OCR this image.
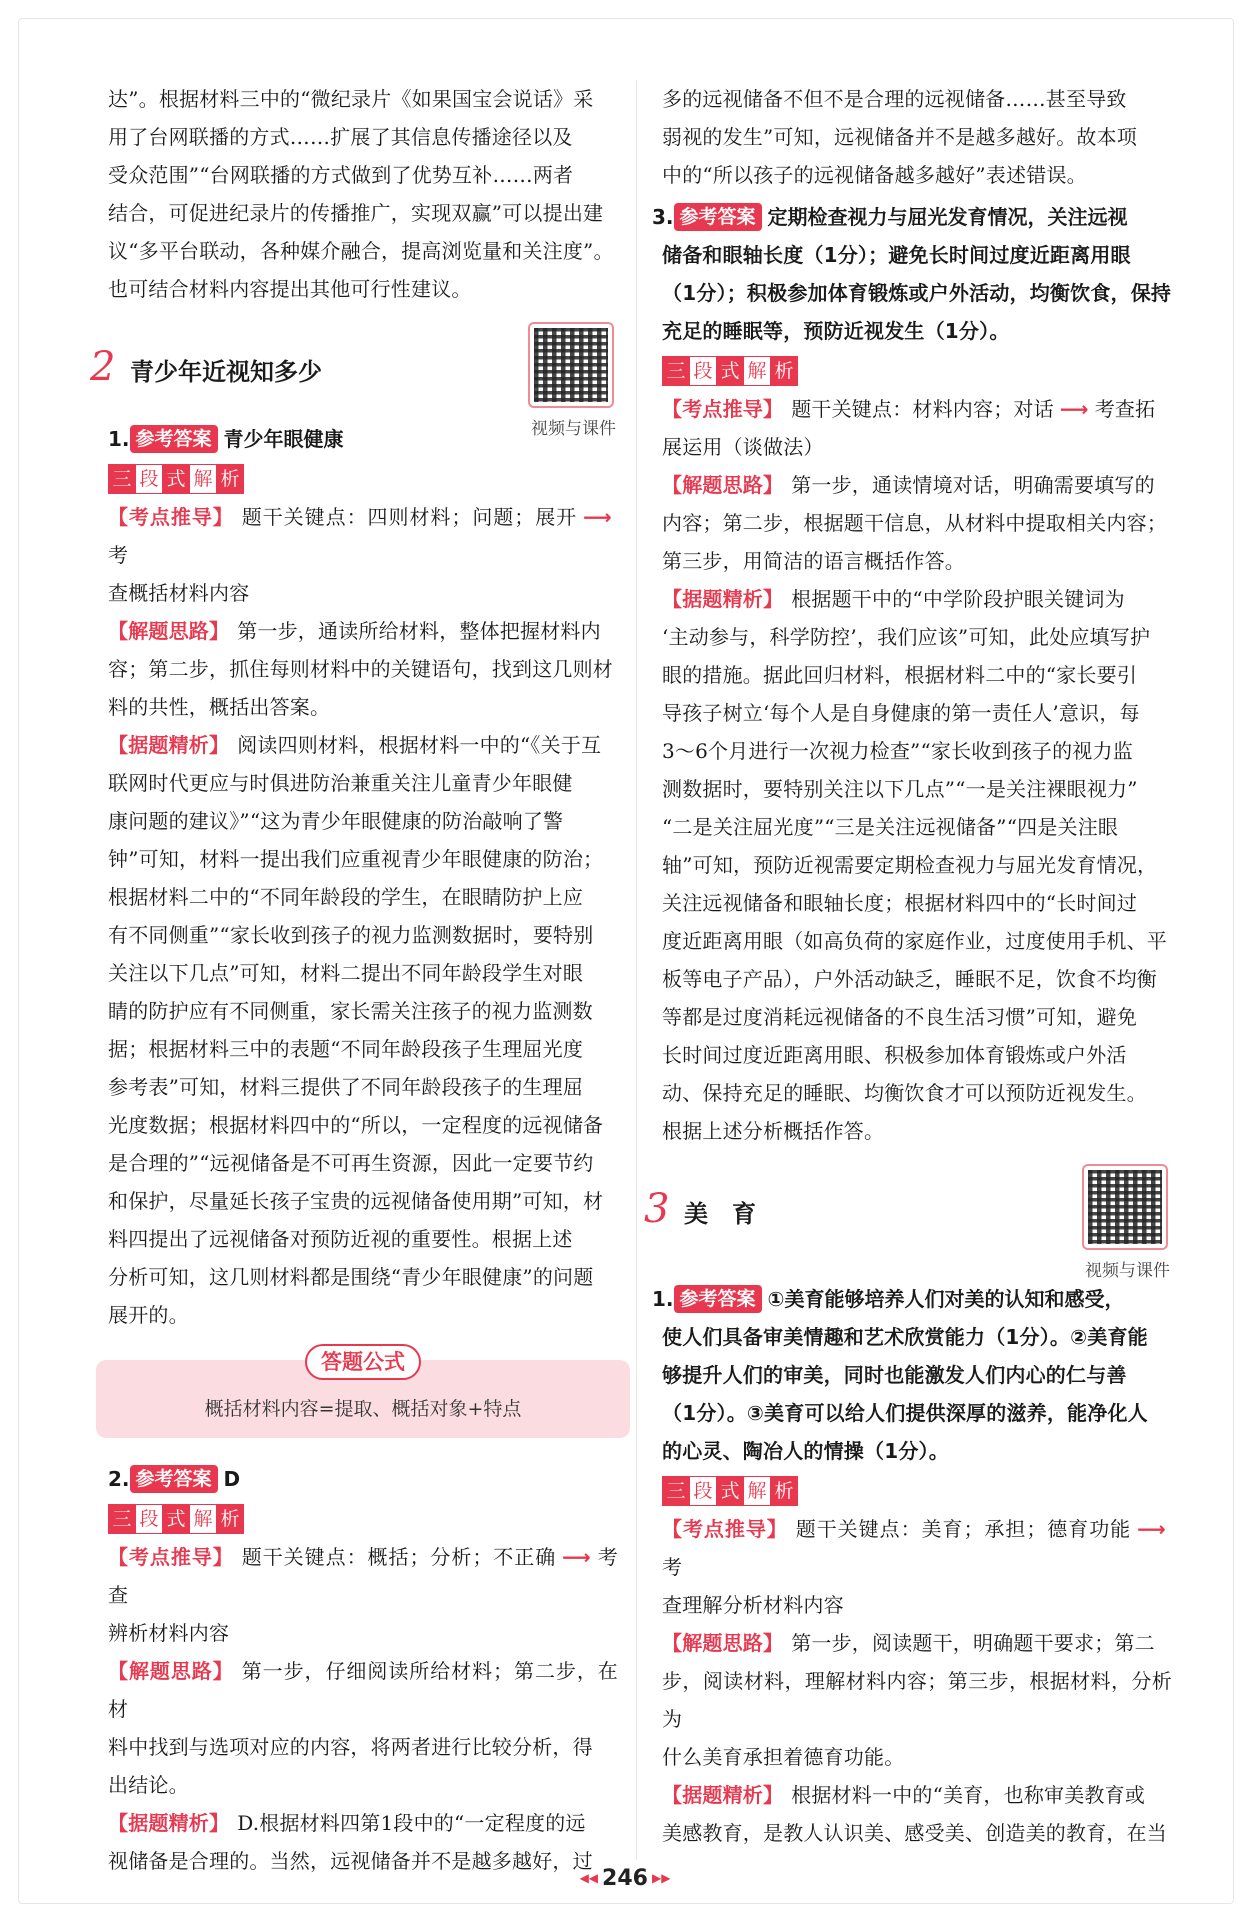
达”。根据材料三中的“微纪录片《如果国宝会说话》采

用了台网联播的方式……扩展了其信息传播途径以及

受众范围”“台网联播的方式做到了优势互补……两者

结合，可促进纪录片的传播推广，实现双赢”可以提出建

议“多平台联动，各种媒介融合，提高浏览量和关注度”。

也可结合材料内容提出其他可行性建议。

2 青少年近视知多少
视频与课件

1. 参考答案 青少年眼健康

三 段 式 解 析

【考点推导】 题干关键点：四则材料；问题；展开 ⟶考

查概括材料内容

【解题思路】 第一步，通读所给材料，整体把握材料内

容；第二步，抓住每则材料中的关键语句，找到这几则材

料的共性，概括出答案。

【据题精析】 阅读四则材料，根据材料一中的“《关于互

联网时代更应与时俱进防治兼重关注儿童青少年眼健

康问题的建议》”“这为青少年眼健康的防治敲响了警

钟”可知，材料一提出我们应重视青少年眼健康的防治；

根据材料二中的“不同年龄段的学生，在眼睛防护上应

有不同侧重”“家长收到孩子的视力监测数据时，要特别

关注以下几点”可知，材料二提出不同年龄段学生对眼

睛的防护应有不同侧重，家长需关注孩子的视力监测数

据；根据材料三中的表题“不同年龄段孩子生理屈光度

参考表”可知，材料三提供了不同年龄段孩子的生理屈

光度数据；根据材料四中的“所以，一定程度的远视储备

是合理的”“远视储备是不可再生资源，因此一定要节约

和保护，尽量延长孩子宝贵的远视储备使用期”可知，材

料四提出了远视储备对预防近视的重要性。根据上述

分析可知，这几则材料都是围绕“青少年眼健康”的问题

展开的。

答题公式

概括材料内容=提取、概括对象+特点

2. 参考答案 D

三 段 式 解 析

【考点推导】 题干关键点：概括；分析；不正确 ⟶ 考查

辨析材料内容

【解题思路】 第一步，仔细阅读所给材料；第二步，在材

料中找到与选项对应的内容，将两者进行比较分析，得

出结论。

【据题精析】 D.根据材料四第1段中的“一定程度的远

视储备是合理的。当然，远视储备并不是越多越好，过

多的远视储备不但不是合理的远视储备……甚至导致

弱视的发生”可知，远视储备并不是越多越好。故本项

中的“所以孩子的远视储备越多越好”表述错误。

3. 参考答案 定期检查视力与屈光发育情况，关注远视

储备和眼轴长度（1分）；避免长时间过度近距离用眼

（1分）；积极参加体育锻炼或户外活动，均衡饮食，保持

充足的睡眠等，预防近视发生（1分）。

三 段 式 解 析

【考点推导】 题干关键点：材料内容；对话 ⟶ 考查拓

展运用（谈做法）

【解题思路】 第一步，通读情境对话，明确需要填写的

内容；第二步，根据题干信息，从材料中提取相关内容；

第三步，用简洁的语言概括作答。

【据题精析】 根据题干中的“中学阶段护眼关键词为

‘主动参与，科学防控’，我们应该”可知，此处应填写护

眼的措施。据此回归材料，根据材料二中的“家长要引

导孩子树立‘每个人是自身健康的第一责任人’意识，每

3～6个月进行一次视力检查”“家长收到孩子的视力监

测数据时，要特别关注以下几点”“一是关注裸眼视力”

“二是关注屈光度”“三是关注远视储备”“四是关注眼

轴”可知，预防近视需要定期检查视力与屈光发育情况，

关注远视储备和眼轴长度；根据材料四中的“长时间过

度近距离用眼（如高负荷的家庭作业，过度使用手机、平

板等电子产品），户外活动缺乏，睡眠不足，饮食不均衡

等都是过度消耗远视储备的不良生活习惯”可知，避免

长时间过度近距离用眼、积极参加体育锻炼或户外活

动、保持充足的睡眠、均衡饮食才可以预防近视发生。

根据上述分析概括作答。

3 美　育
视频与课件

1. 参考答案 ①美育能够培养人们对美的认知和感受，

使人们具备审美情趣和艺术欣赏能力（1分）。②美育能

够提升人们的审美，同时也能激发人们内心的仁与善

（1分）。③美育可以给人们提供深厚的滋养，能净化人

的心灵、陶冶人的情操（1分）。

三 段 式 解 析

【考点推导】 题干关键点：美育；承担；德育功能 ⟶考

查理解分析材料内容

【解题思路】 第一步，阅读题干，明确题干要求；第二

步，阅读材料，理解材料内容；第三步，根据材料，分析为

什么美育承担着德育功能。

【据题精析】 根据材料一中的“美育，也称审美教育或

美感教育，是教人认识美、感受美、创造美的教育，在当

◀◀ 246 ▶▶
